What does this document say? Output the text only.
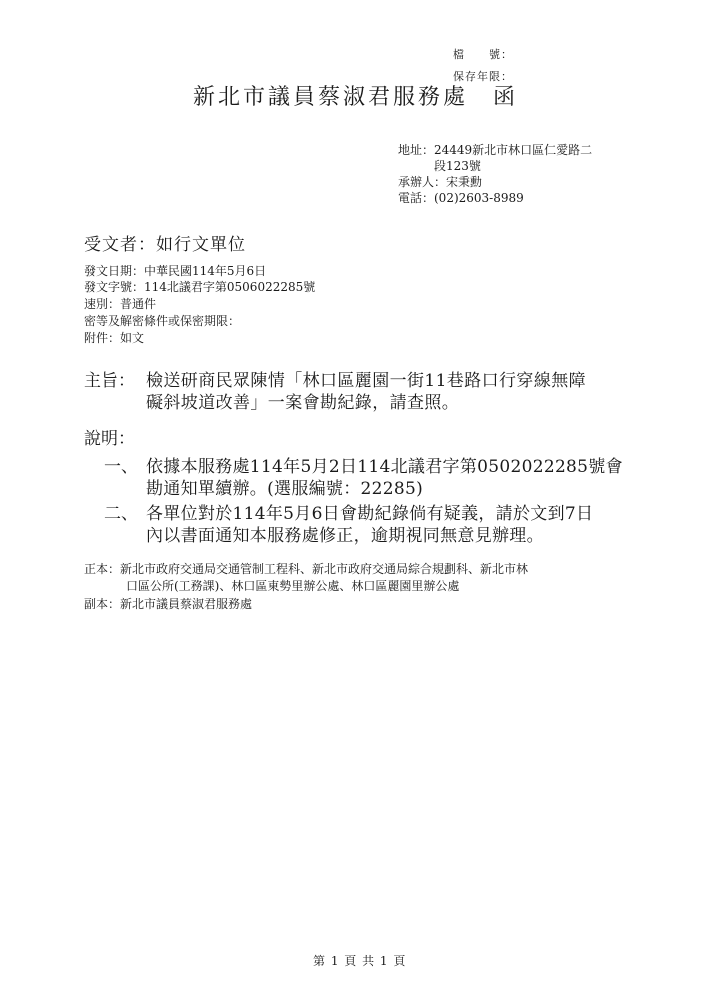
檔　　號：
保存年限：
新北市議員蔡淑君服務處　函
地址：24449新北市林口區仁愛路二
段123號
承辦人：宋秉勳
電話：(02)2603-8989
受文者：如行文單位
發文日期：中華民國114年5月6日
發文字號：114北議君字第0506022285號
速別：普通件
密等及解密條件或保密期限：
附件：如文
主旨： 檢送研商民眾陳情「林口區麗園一街11巷路口行穿線無障
礙斜坡道改善」一案會勘紀錄，請查照。
說明：
一、 依據本服務處114年5月2日114北議君字第0502022285號會
勘通知單續辦。(選服編號：22285)
二、 各單位對於114年5月6日會勘紀錄倘有疑義，請於文到7日
內以書面通知本服務處修正，逾期視同無意見辦理。
正本： 新北市政府交通局交通管制工程科、新北市政府交通局綜合規劃科、新北市林
口區公所(工務課)、林口區東勢里辦公處、林口區麗園里辦公處
副本： 新北市議員蔡淑君服務處
第 1 頁 共 1 頁
